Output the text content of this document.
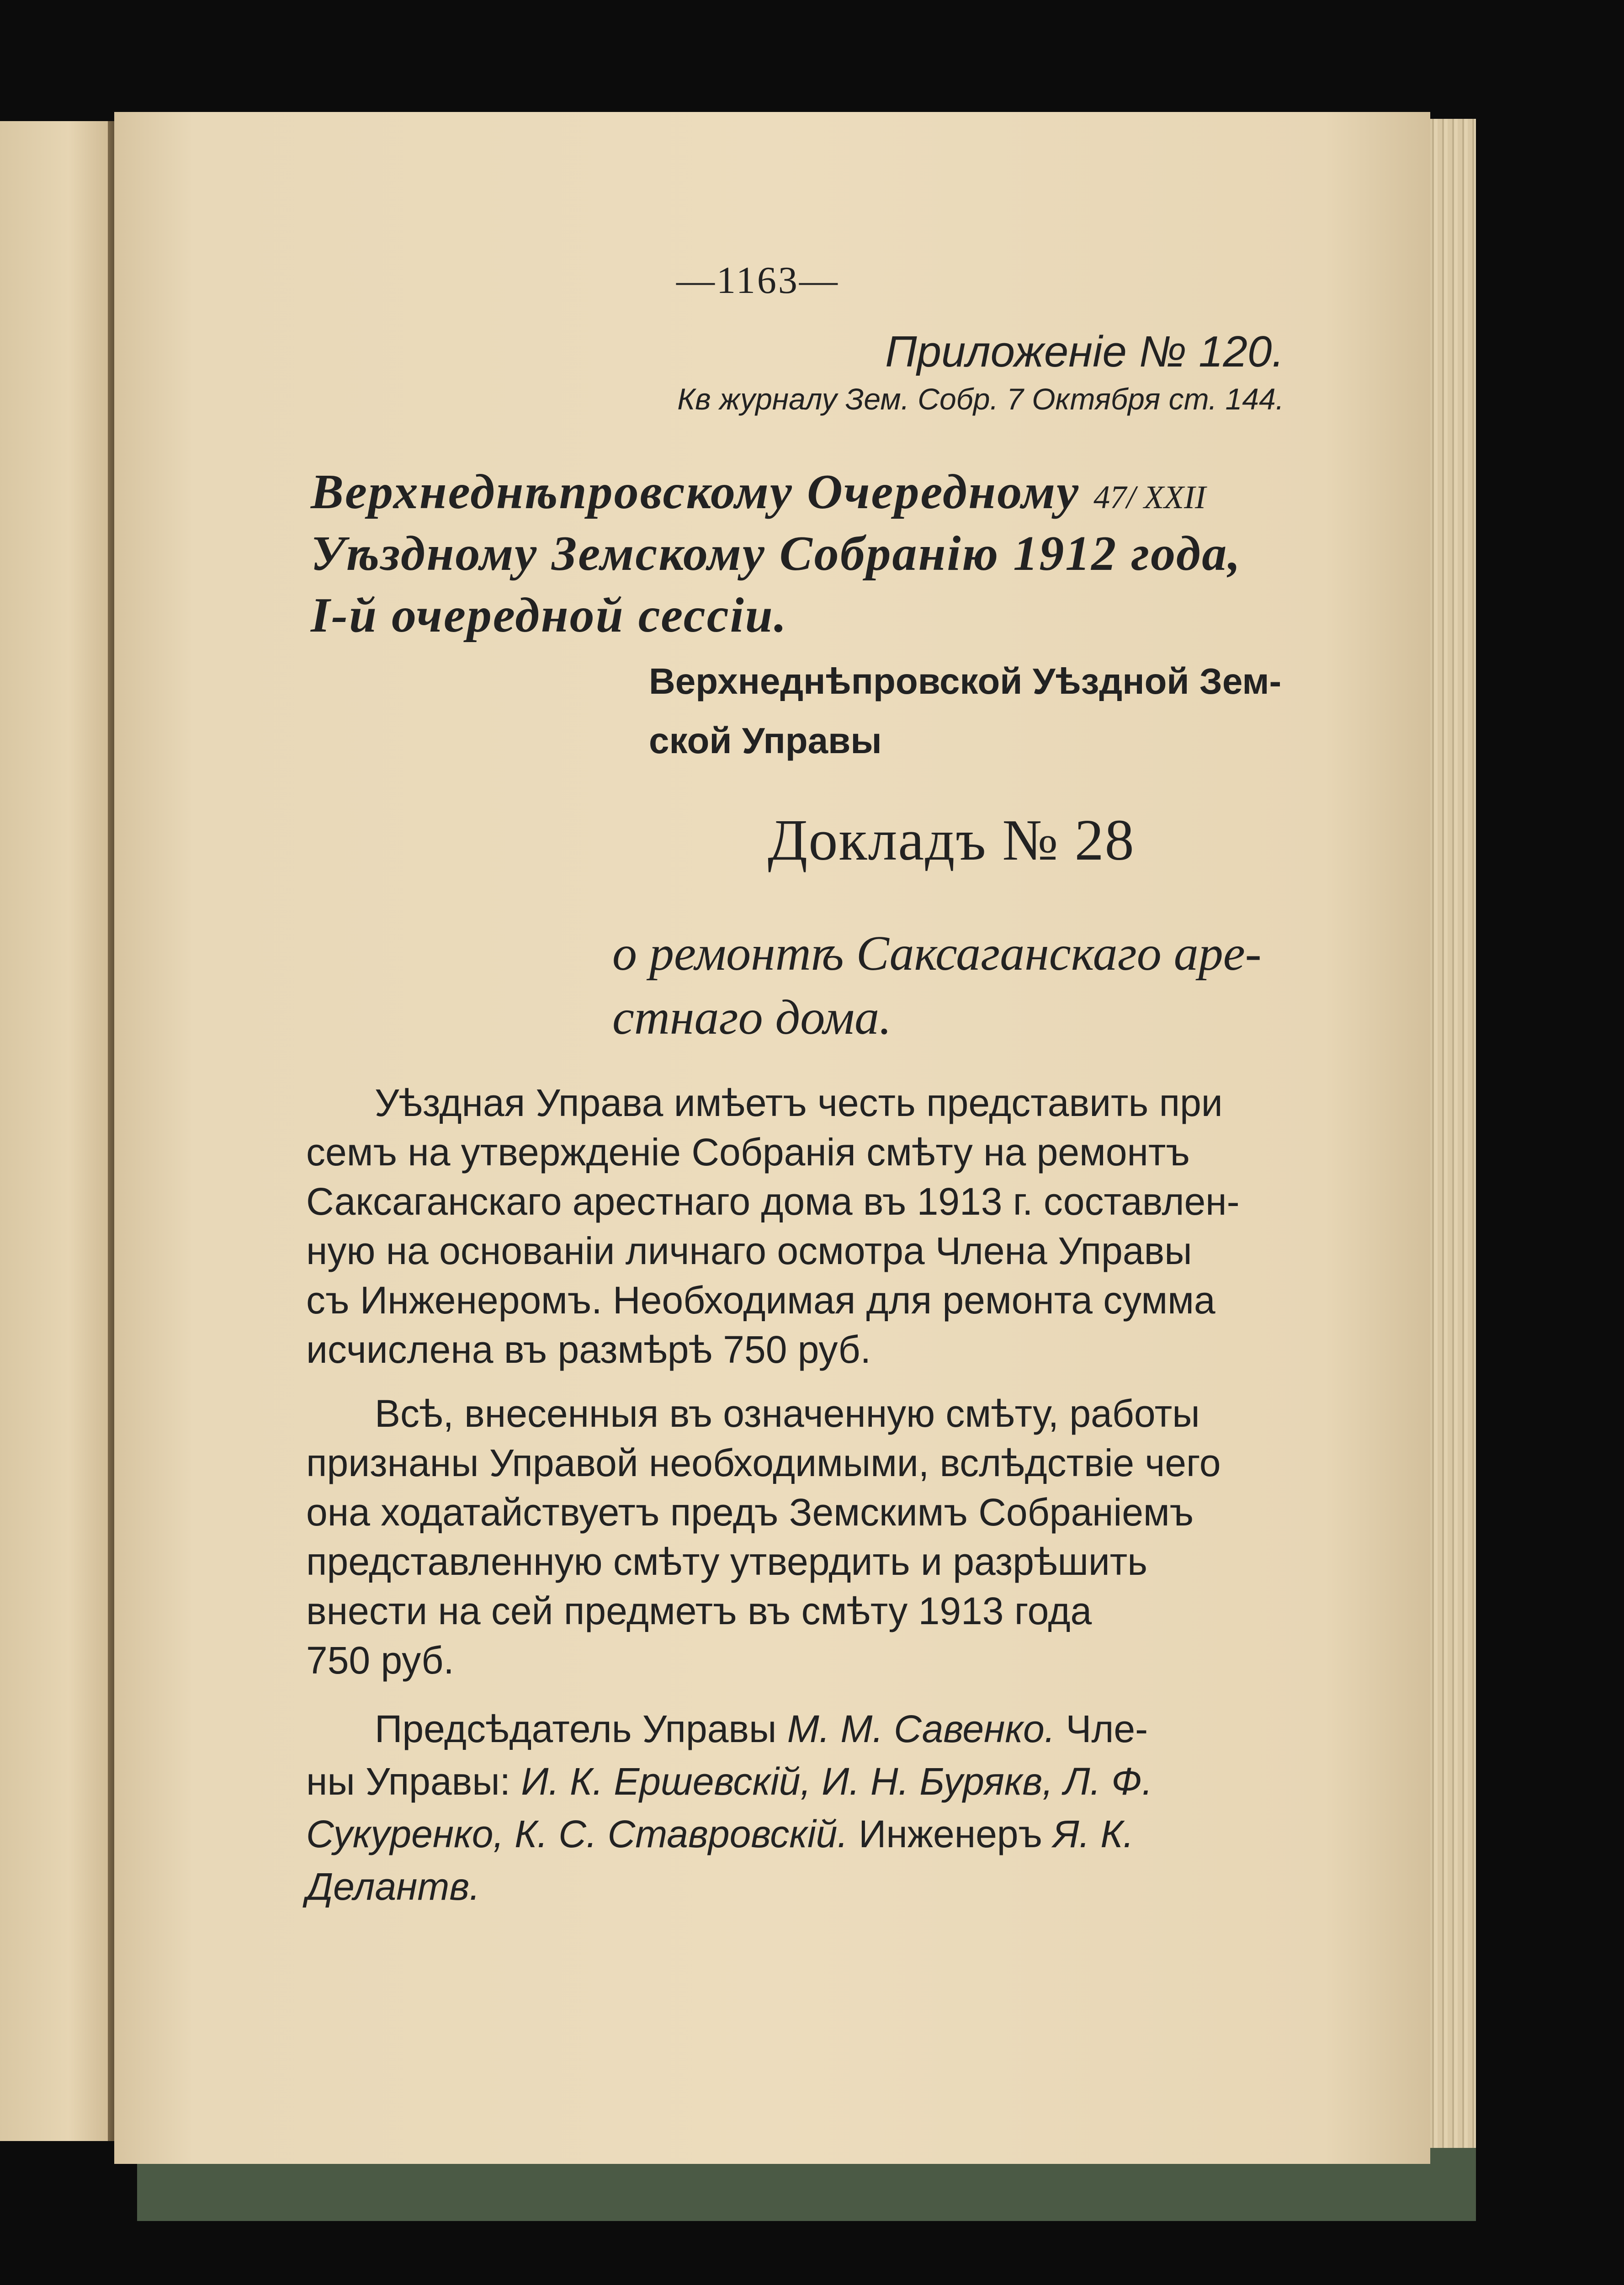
—1163—
Приложенiе № 120.
Кв журналу Зем. Собр. 7 Октября ст. 144.
Верхнеднѣпровскому Очередному 47/ ХХII
Уѣздному Земскому Собранiю 1912 года,
I-й очередной сессiи.
Верхнеднѣпровской Уѣздной Зем-
ской Управы
Докладъ № 28
о ремонтѣ Саксаганскаго аре-
стнаго дома.
Уѣздная Управа имѣетъ честь представить при
семъ на утвержденiе Собранiя смѣту на ремонтъ
Саксаганскаго арестнаго дома въ 1913 г. составлен-
ную на основанiи личнаго осмотра Члена Управы
съ Инженеромъ. Необходимая для ремонта сумма
исчислена въ размѣрѣ 750 руб.
Всѣ, внесенныя въ означенную смѣту, работы
признаны Управой необходимыми, вслѣдствiе чего
она ходатайствуетъ предъ Земскимъ Собранiемъ
представленную смѣту утвердить и разрѣшить
внести на сей предметъ въ смѣту 1913 года
750 руб.
Предсѣдатель Управы М. М. Савенко. Чле-
ны Управы: И. К. Ершевскiй, И. Н. Бурякв, Л. Ф.
Сукуренко, К. С. Ставровскiй. Инженеръ Я. К.
Делантв.
